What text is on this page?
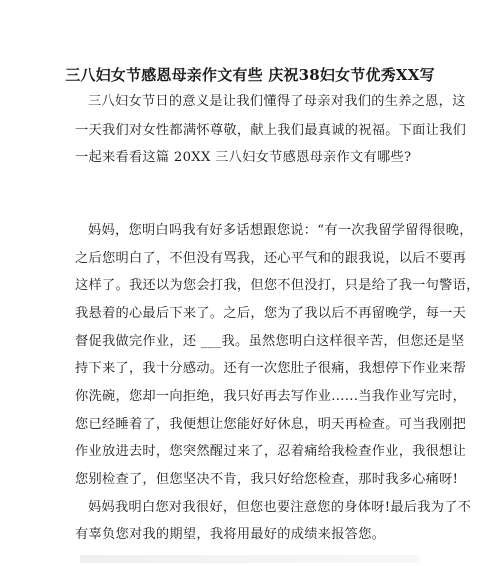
三八妇女节感恩母亲作文有些 庆祝38妇女节优秀XX写
三八妇女节日的意义是让我们懂得了母亲对我们的生养之恩，这
一天我们对女性都满怀尊敬，献上我们最真诚的祝福。下面让我们
一起来看看这篇 20XX 三八妇女节感恩母亲作文有哪些?
妈妈，您明白吗我有好多话想跟您说：“有一次我留学留得很晚，
之后您明白了，不但没有骂我，还心平气和的跟我说，以后不要再
这样了。我还以为您会打我，但您不但没打，只是给了我一句警语，
我悬着的心最后下来了。之后，您为了我以后不再留晚学，每一天
督促我做完作业，还 ___我。虽然您明白这样很辛苦，但您还是坚
持下来了，我十分感动。还有一次您肚子很痛，我想停下作业来帮
你洗碗，您却一向拒绝，我只好再去写作业......当我作业写完时，
您已经睡着了，我便想让您能好好休息，明天再检查。可当我刚把
作业放进去时，您突然醒过来了，忍着痛给我检查作业，我很想让
您别检查了，但您坚决不肯，我只好给您检查，那时我多心痛呀!
妈妈我明白您对我很好，但您也要注意您的身体呀!最后我为了不
有辜负您对我的期望，我将用最好的成绩来报答您。
